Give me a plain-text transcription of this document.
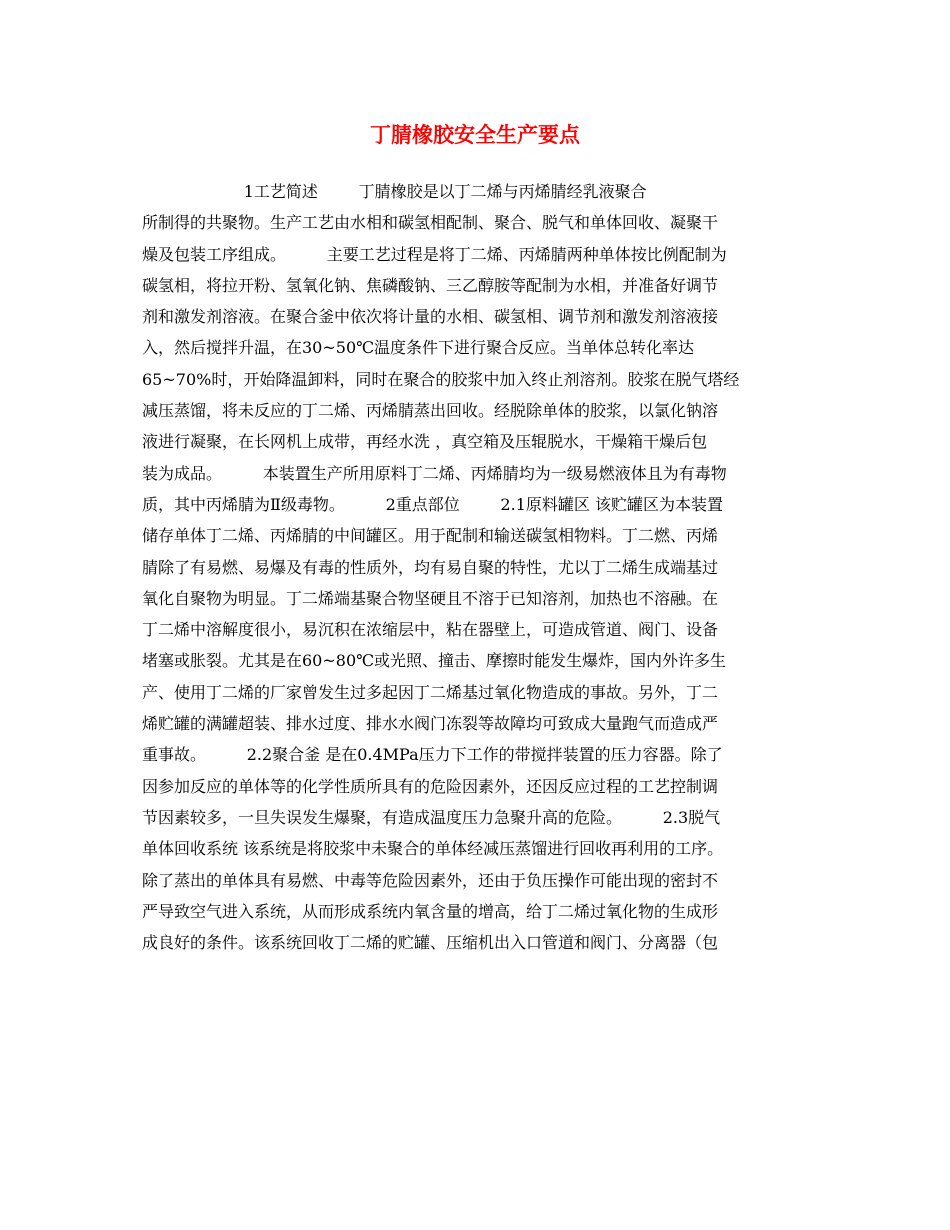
丁腈橡胶安全生产要点
1工艺简述        丁腈橡胶是以丁二烯与丙烯腈经乳液聚合
所制得的共聚物。生产工艺由水相和碳氢相配制、聚合、脱气和单体回收、凝聚干
燥及包装工序组成。        主要工艺过程是将丁二烯、丙烯腈两种单体按比例配制为
碳氢相，将拉开粉、氢氧化钠、焦磷酸钠、三乙醇胺等配制为水相，并准备好调节
剂和激发剂溶液。在聚合釜中依次将计量的水相、碳氢相、调节剂和激发剂溶液接
入，然后搅拌升温，在30~50℃温度条件下进行聚合反应。当单体总转化率达
65~70%时，开始降温卸料，同时在聚合的胶浆中加入终止剂溶剂。胶浆在脱气塔经
减压蒸馏，将未反应的丁二烯、丙烯腈蒸出回收。经脱除单体的胶浆，以氯化钠溶
液进行凝聚，在长网机上成带，再经水洗 ，真空箱及压辊脱水，干燥箱干燥后包
装为成品。        本装置生产所用原料丁二烯、丙烯腈均为一级易燃液体且为有毒物
质，其中丙烯腈为Ⅱ级毒物。        2重点部位        2.1原料罐区 该贮罐区为本装置
储存单体丁二烯、丙烯腈的中间罐区。用于配制和输送碳氢相物料。丁二燃、丙烯
腈除了有易燃、易爆及有毒的性质外，均有易自聚的特性，尤以丁二烯生成端基过
氧化自聚物为明显。丁二烯端基聚合物坚硬且不溶于已知溶剂，加热也不溶融。在
丁二烯中溶解度很小，易沉积在浓缩层中，粘在器壁上，可造成管道、阀门、设备
堵塞或胀裂。尤其是在60~80℃或光照、撞击、摩擦时能发生爆炸，国内外许多生
产、使用丁二烯的厂家曾发生过多起因丁二烯基过氧化物造成的事故。另外，丁二
烯贮罐的满罐超装、排水过度、排水水阀门冻裂等故障均可致成大量跑气而造成严
重事故。        2.2聚合釜 是在0.4MPa压力下工作的带搅拌装置的压力容器。除了
因参加反应的单体等的化学性质所具有的危险因素外，还因反应过程的工艺控制调
节因素较多，一旦失误发生爆聚，有造成温度压力急聚升高的危险。        2.3脱气
单体回收系统 该系统是将胶浆中未聚合的单体经减压蒸馏进行回收再利用的工序。
除了蒸出的单体具有易燃、中毒等危险因素外，还由于负压操作可能出现的密封不
严导致空气进入系统，从而形成系统内氧含量的增高，给丁二烯过氧化物的生成形
成良好的条件。该系统回收丁二烯的贮罐、压缩机出入口管道和阀门、分离器（包
